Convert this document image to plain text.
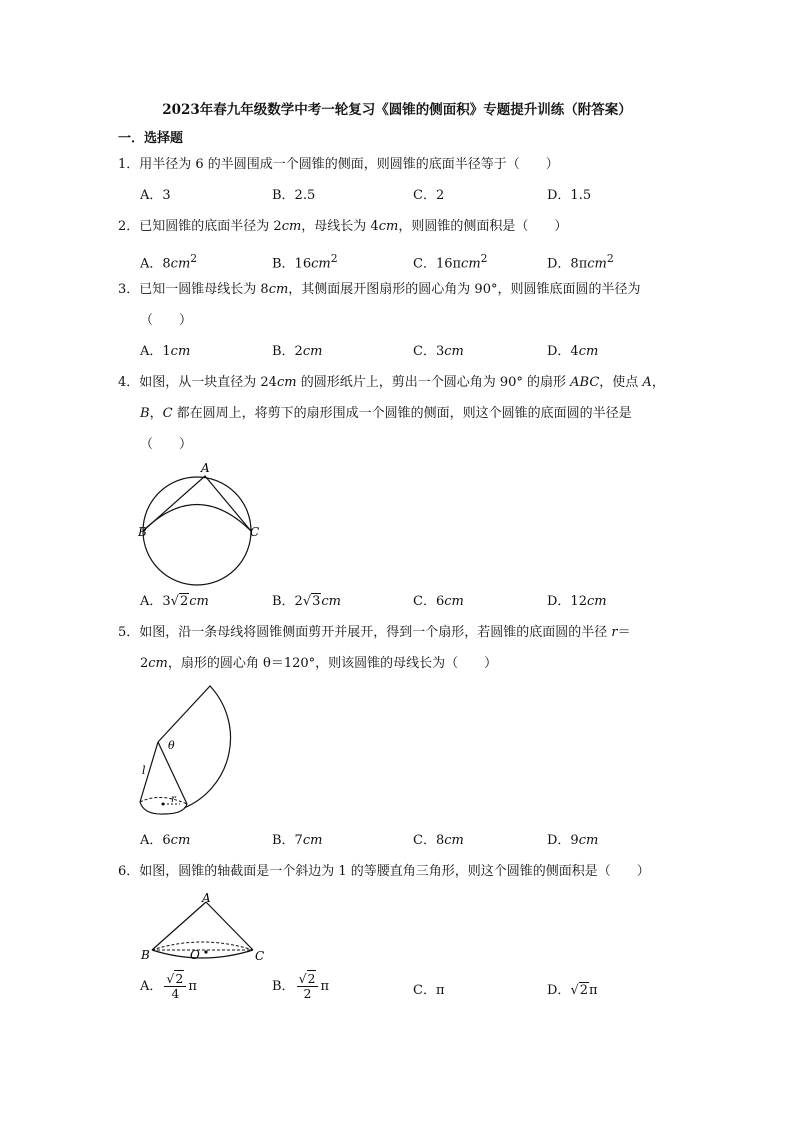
2023年春九年级数学中考一轮复习《圆锥的侧面积》专题提升训练（附答案）
一．选择题
1．用半径为 6 的半圆围成一个圆锥的侧面，则圆锥的底面半径等于（　　）
A．3	B．2.5	C．2	D．1.5
2．已知圆锥的底面半径为 2cm，母线长为 4cm，则圆锥的侧面积是（　　）
A．$8cm^2$	B．$16cm^2$	C．16πcm$^2$	D．8πcm$^2$
3．已知一圆锥母线长为 8cm，其侧面展开图扇形的圆心角为 90°，则圆锥底面圆的半径为
（　　）
A．1cm	B．2cm	C．3cm	D．4cm
4．如图，从一块直径为 24cm 的圆形纸片上，剪出一个圆心角为 90° 的扇形 ABC，使点 A，
B，C 都在圆周上，将剪下的扇形围成一个圆锥的侧面，则这个圆锥的底面圆的半径是
（　　）
A
B	C
A．3√2cm	B．2√3cm	C．6cm	D．12cm
5．如图，沿一条母线将圆锥侧面剪开并展开，得到一个扇形，若圆锥的底面圆的半径 r＝
2cm，扇形的圆心角 θ＝120°，则该圆锥的母线长为（　　）
θ
l
r
A．6cm	B．7cm	C．8cm	D．9cm
6．如图，圆锥的轴截面是一个斜边为 1 的等腰直角三角形，则这个圆锥的侧面积是（　　）
A
B	C
O
A． $\frac{√2}{4}$ π	B． $\frac{√2}{2}$ π	C．π	D．√2π
